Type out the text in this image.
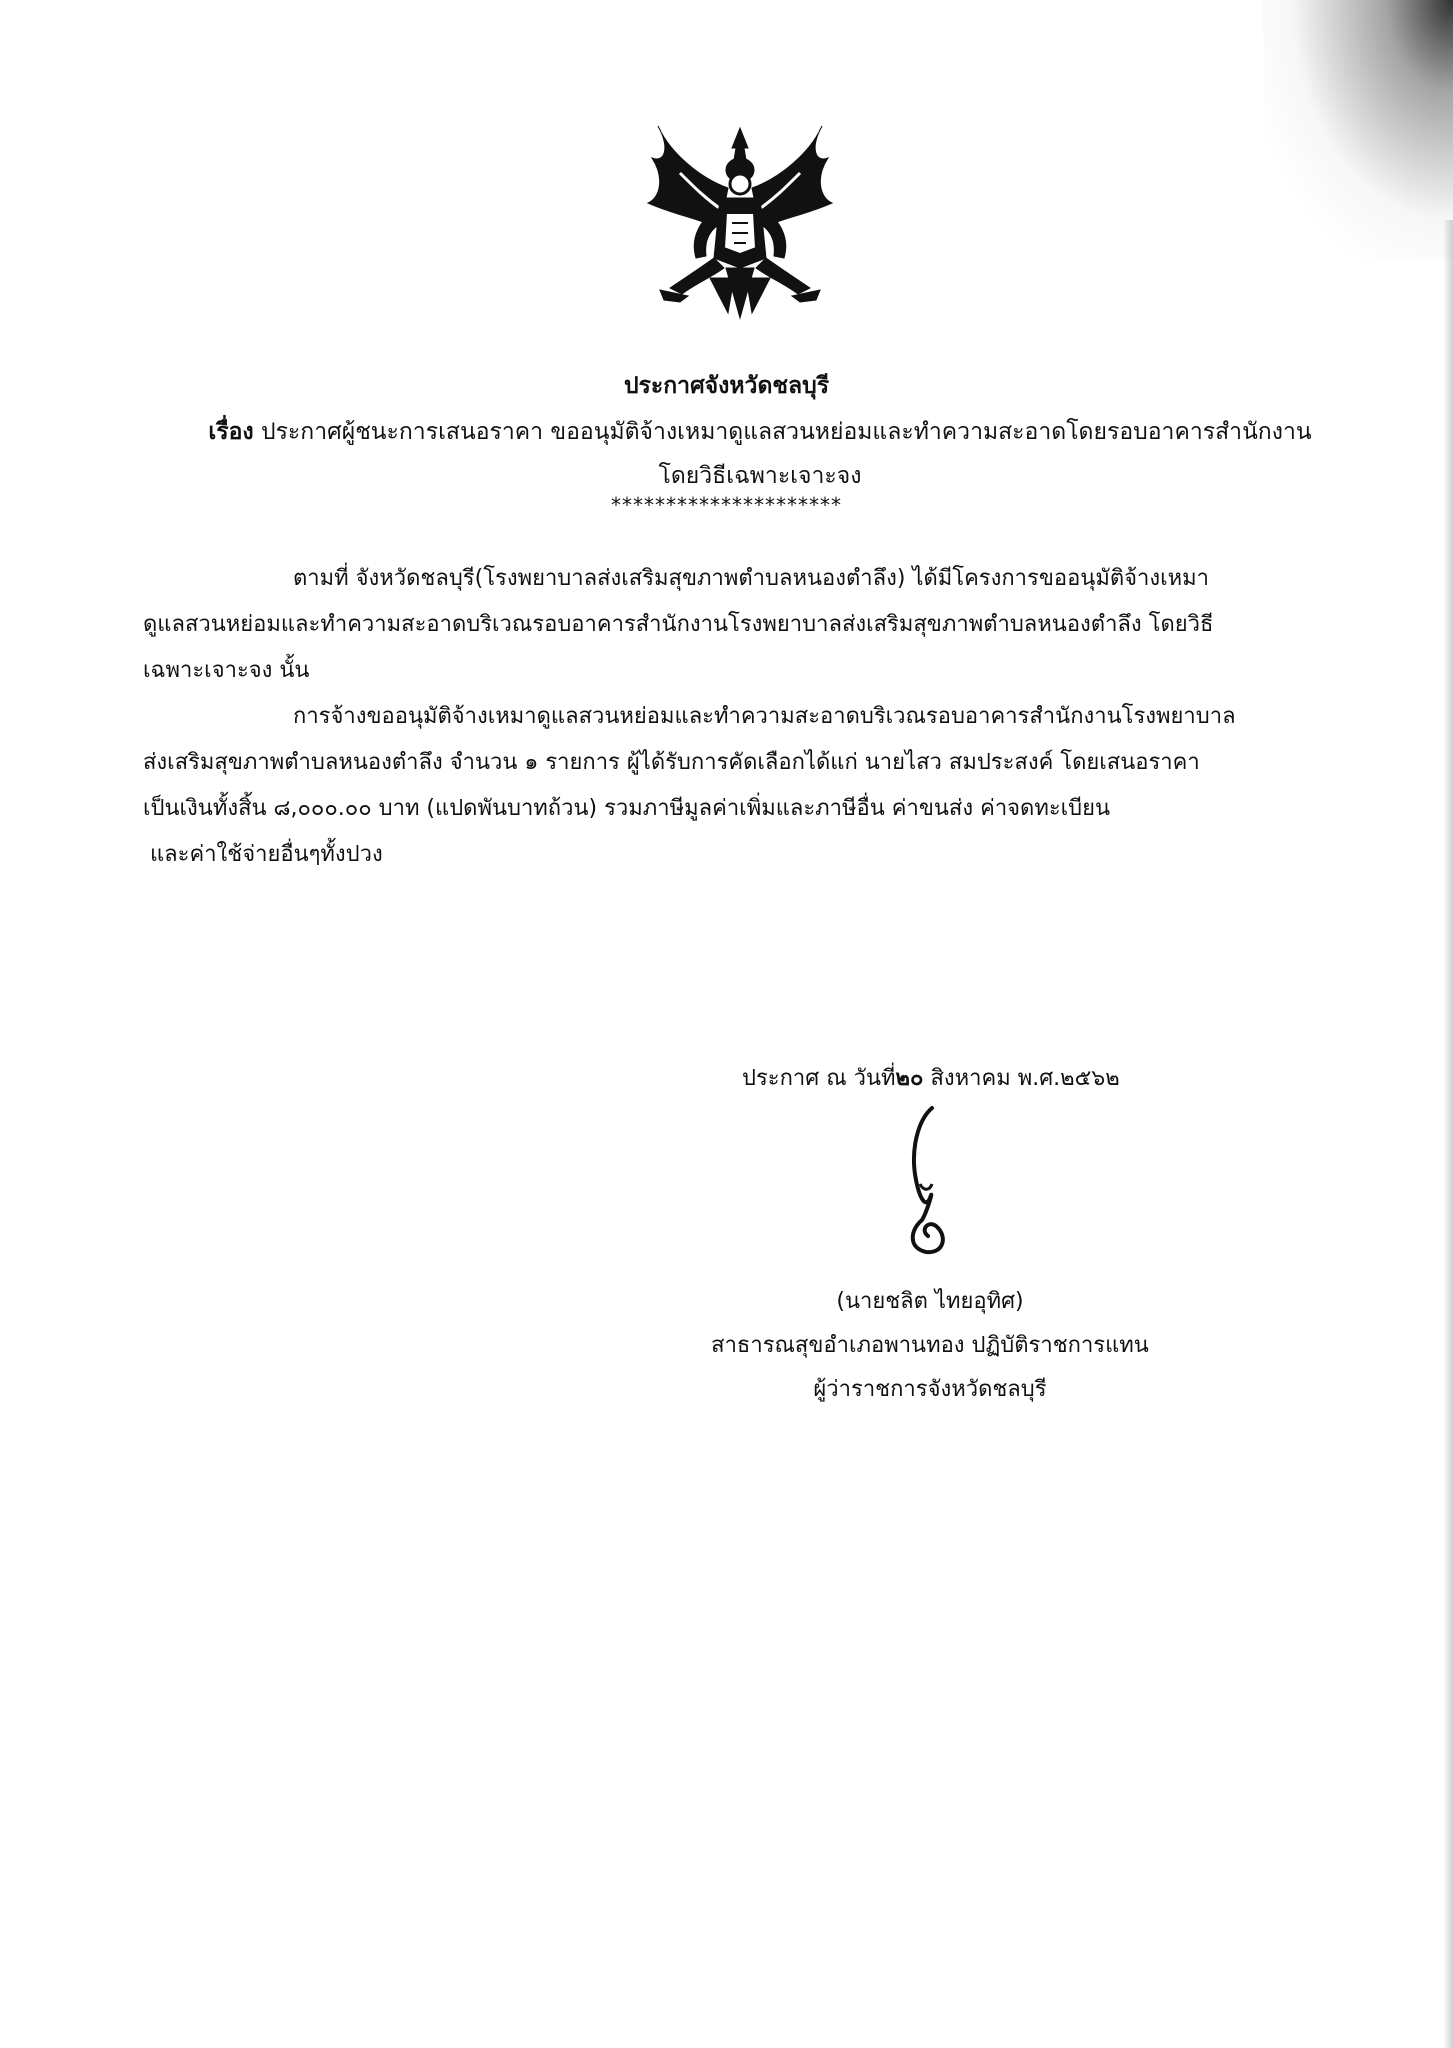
ประกาศจังหวัดชลบุรี
เรื่อง ประกาศผู้ชนะการเสนอราคา ขออนุมัติจ้างเหมาดูแลสวนหย่อมและทำความสะอาดโดยรอบอาคารสำนักงาน
โดยวิธีเฉพาะเจาะจง
*********************

ตามที่ จังหวัดชลบุรี(โรงพยาบาลส่งเสริมสุขภาพตำบลหนองตำลึง) ได้มีโครงการขออนุมัติจ้างเหมา

ดูแลสวนหย่อมและทำความสะอาดบริเวณรอบอาคารสำนักงานโรงพยาบาลส่งเสริมสุขภาพตำบลหนองตำลึง โดยวิธี

เฉพาะเจาะจง นั้น

การจ้างขออนุมัติจ้างเหมาดูแลสวนหย่อมและทำความสะอาดบริเวณรอบอาคารสำนักงานโรงพยาบาล

ส่งเสริมสุขภาพตำบลหนองตำลึง จำนวน ๑ รายการ ผู้ได้รับการคัดเลือกได้แก่ นายไสว สมประสงค์ โดยเสนอราคา

เป็นเงินทั้งสิ้น ๘,๐๐๐.๐๐ บาท (แปดพันบาทถ้วน) รวมภาษีมูลค่าเพิ่มและภาษีอื่น ค่าขนส่ง ค่าจดทะเบียน

และค่าใช้จ่ายอื่นๆทั้งปวง

ประกาศ ณ วันที่๒๐ สิงหาคม พ.ศ.๒๕๖๒
(นายชลิต ไทยอุทิศ)
สาธารณสุขอำเภอพานทอง ปฏิบัติราชการแทน
ผู้ว่าราชการจังหวัดชลบุรี
